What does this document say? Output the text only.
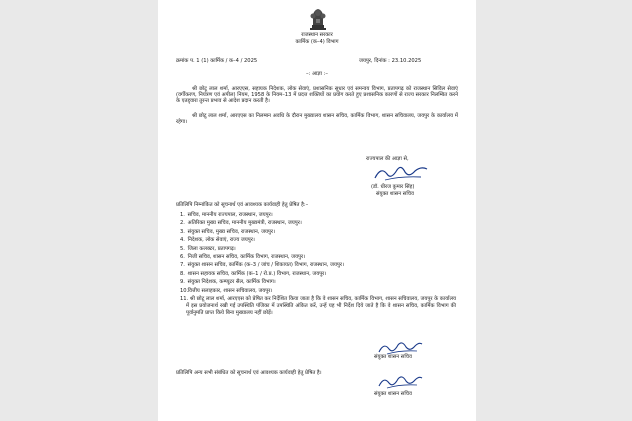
राजस्थान सरकार
कार्मिक (क–4) विभाग
क्रमांक प. 1 (1) कार्मिक / क–4 / 2025	जयपुर, दिनांक : 23.10.2025
–: आज्ञा :–
श्री छोटू लाल शर्मा, आरएएस, सहायक निदेशक, लोक सेवाएं, प्रशासनिक सुधार एवं समन्वय विभाग, प्रतापगढ़ को राजस्थान सिविल सेवाएं (वर्गीकरण, नियंत्रण एवं अपील) नियम, 1958 के नियम–13 में प्रदत्त शक्तियों का प्रयोग करते हुए प्रशासनिक कारणों से राज्य सरकार निलम्बित करने के एतद्द्वारा तुरन्त प्रभाव से आदेश प्रदान करती है।
श्री छोटू लाल शर्मा, आरएएस का निलम्बन अवधि के दौरान मुख्यालय शासन सचिव, कार्मिक विभाग, शासन सचिवालय, जयपुर के कार्यालय में रहेगा।
राज्यपाल की आज्ञा से,
(डॉ. धीरज कुमार सिंह)
संयुक्त शासन सचिव
प्रतिलिपि निम्नांकित को सूचनार्थ एवं आवश्यक कार्यवाही हेतु प्रेषित है:–
1. सचिव, माननीय राज्यपाल, राजस्थान, जयपुर।
2. अतिरिक्त मुख्य सचिव, माननीय मुख्यमंत्री, राजस्थान, जयपुर।
3. संयुक्त सचिव, मुख्य सचिव, राजस्थान, जयपुर।
4. निदेशक, लोक सेवाएं, राज्य जयपुर।
5. जिला कलक्टर, प्रतापगढ़।
6. निजी सचिव, शासन सचिव, कार्मिक विभाग, राजस्थान, जयपुर।
7. संयुक्त शासन सचिव, कार्मिक (क–3 / जांच / शिकायत) विभाग, राजस्थान, जयपुर।
8. शासन सहायक सचिव, कार्मिक (क–1 / रो.प्र.) विभाग, राजस्थान, जयपुर।
9. संयुक्त निदेशक, कम्प्यूटर सैल, कार्मिक विभाग।
10. वित्तीय सलाहकार, शासन सचिवालय, जयपुर।
11. श्री छोटू लाल शर्मा, आरएएस को प्रेषित कर निर्देशित किया जाता है कि वे शासन सचिव, कार्मिक विभाग, शासन सचिवालय, जयपुर के कार्यालय में इस प्रयोजनार्थ रखी गई उपस्थिति पंजिका में उपस्थिति अंकित करें, उन्हें यह भी निर्देश दिये जाते है कि वे शासन सचिव, कार्मिक विभाग की पूर्वानुमति प्राप्त किये बिना मुख्यालय नहीं छोड़ें।
संयुक्त शासन सचिव
प्रतिलिपि अन्य सभी संबंधित को सूचनार्थ एवं आवश्यक कार्यवाही हेतु प्रेषित है।
संयुक्त शासन सचिव
